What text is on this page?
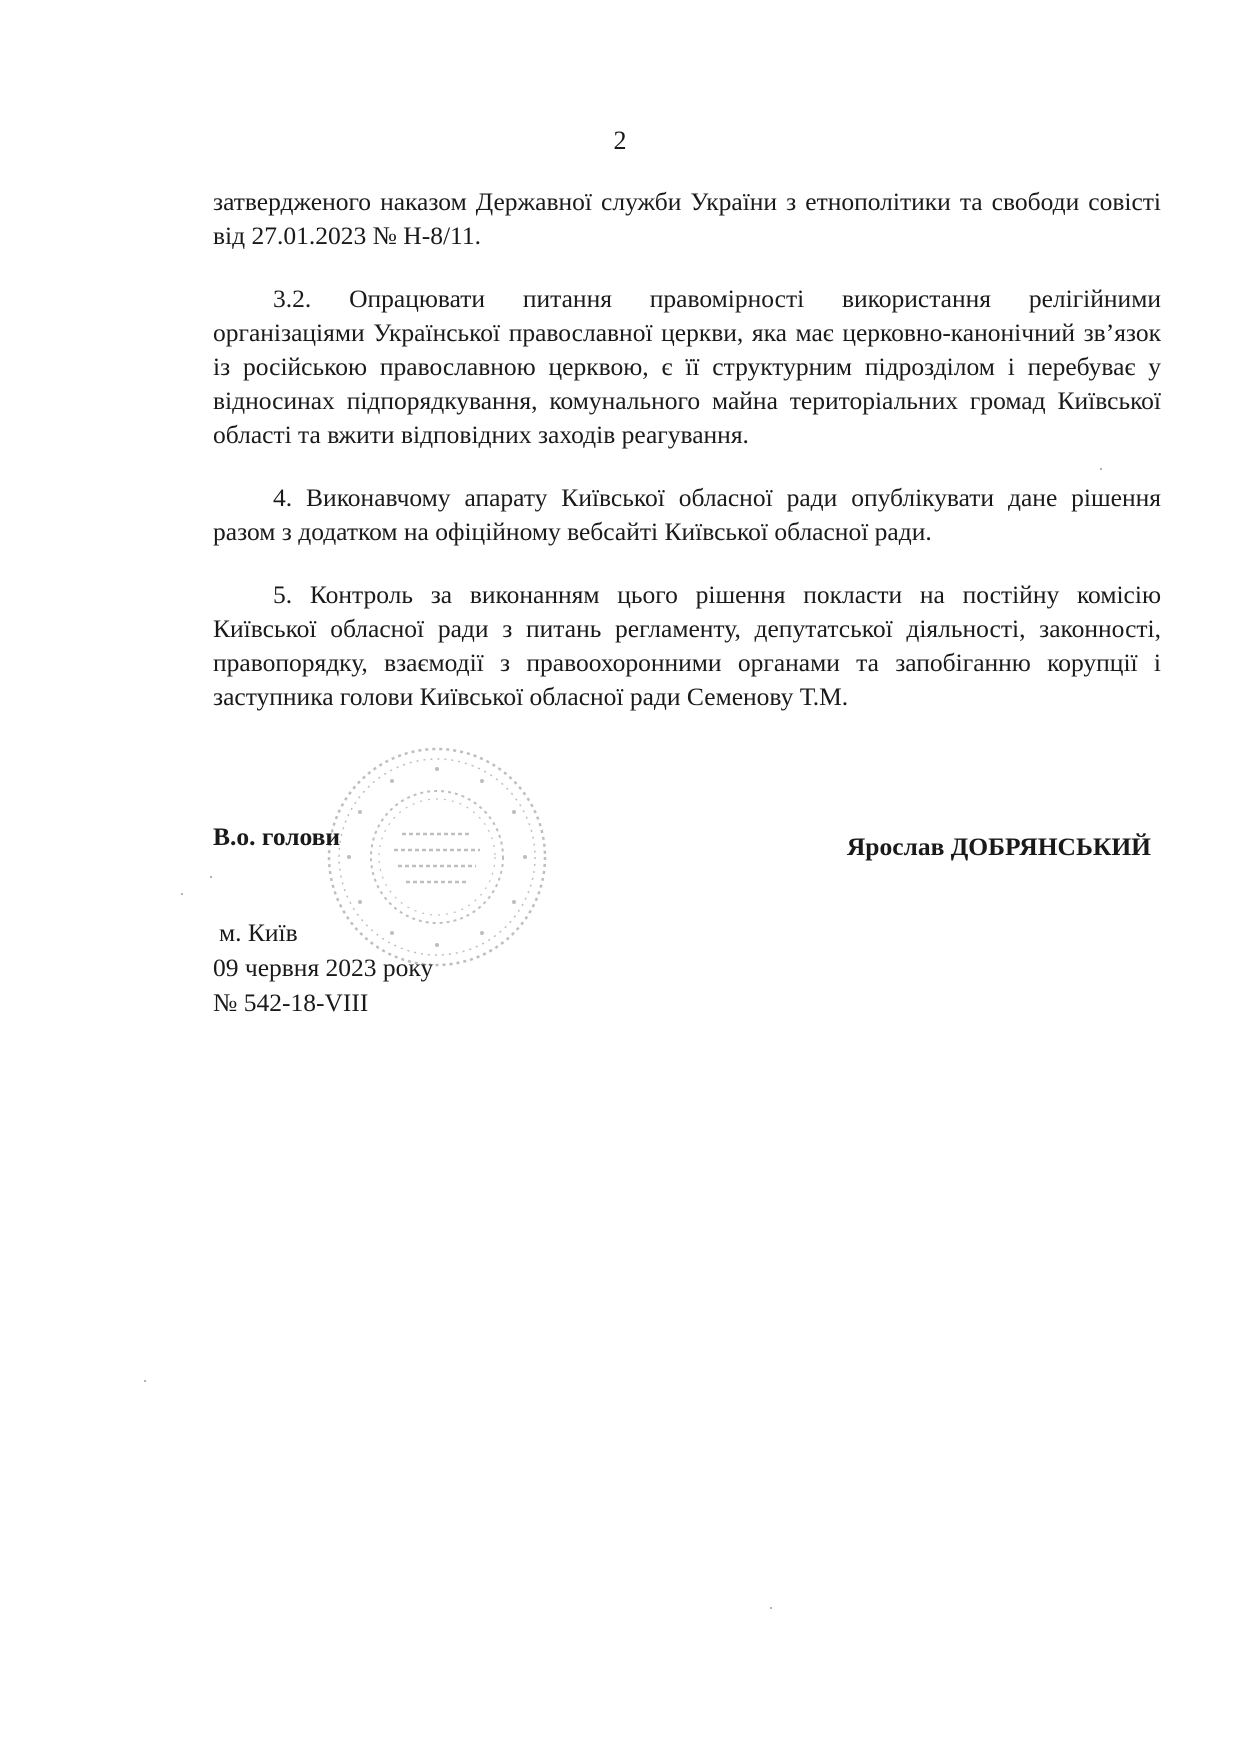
2

затвердженого наказом Державної служби України з етнополітики та свободи совісті від 27.01.2023 № Н-8/11.

3.2. Опрацювати питання правомірності використання релігійними організаціями Української православної церкви, яка має церковно-канонічний зв’язок із російською православною церквою, є її структурним підрозділом і перебуває у відносинах підпорядкування, комунального майна територіальних громад Київської області та вжити відповідних заходів реагування.

4. Виконавчому апарату Київської обласної ради опублікувати дане рішення разом з додатком на офіційному вебсайті Київської обласної ради.

5. Контроль за виконанням цього рішення покласти на постійну комісію Київської обласної ради з питань регламенту, депутатської діяльності, законності, правопорядку, взаємодії з правоохоронними органами та запобіганню корупції і заступника голови Київської обласної ради Семенову Т.М.

В.о. голови	Ярослав ДОБРЯНСЬКИЙ
м. Київ
09 червня 2023 року
№ 542-18-VIII
